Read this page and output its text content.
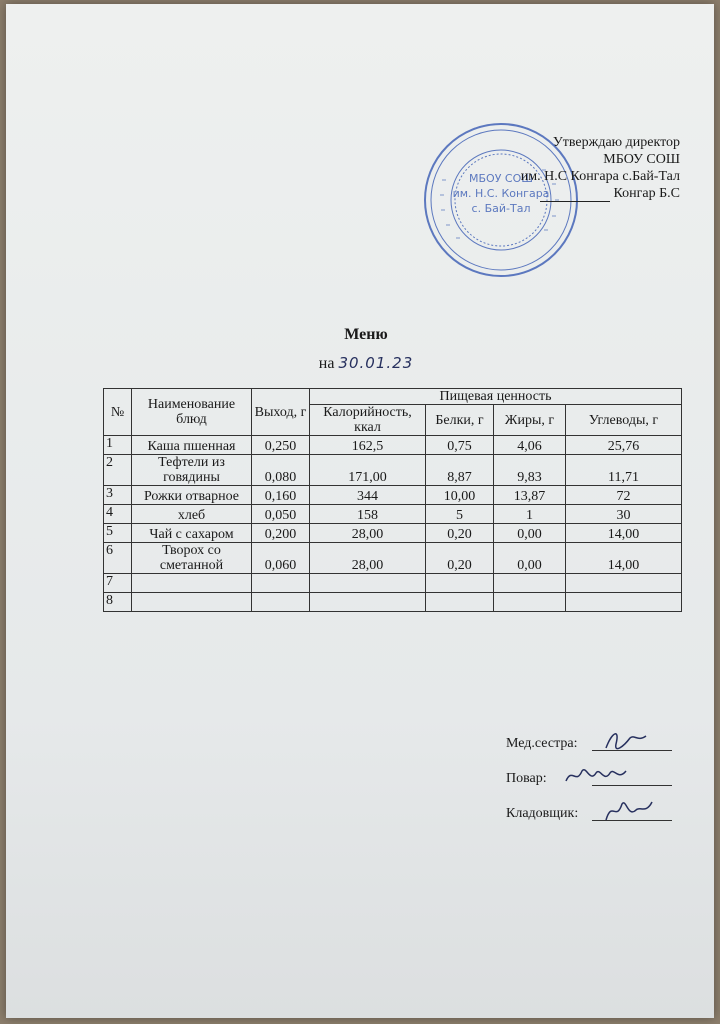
МБОУ СОШ
им. Н.С. Конгара
с. Бай-Тал
Утверждаю директор
МБОУ СОШ
им. Н.С Конгара с.Бай-Тал
Конгар Б.С
Меню
на 30.01.23
№	Наименование блюд	Выход, г	Пищевая ценность			
			Калорийность, ккал	Белки, г	Жиры, г	Углеводы, г
1	Каша пшенная	0,250	162,5	0,75	4,06	25,76
2	Тефтели из говядины	0,080	171,00	8,87	9,83	11,71
3	Рожки отварное	0,160	344	10,00	13,87	72
4	хлеб	0,050	158	5	1	30
5	Чай с сахаром	0,200	28,00	0,20	0,00	14,00
6	Творох со сметанной	0,060	28,00	0,20	0,00	14,00
7						
8						
Мед.сестра:
Повар:
Кладовщик:
